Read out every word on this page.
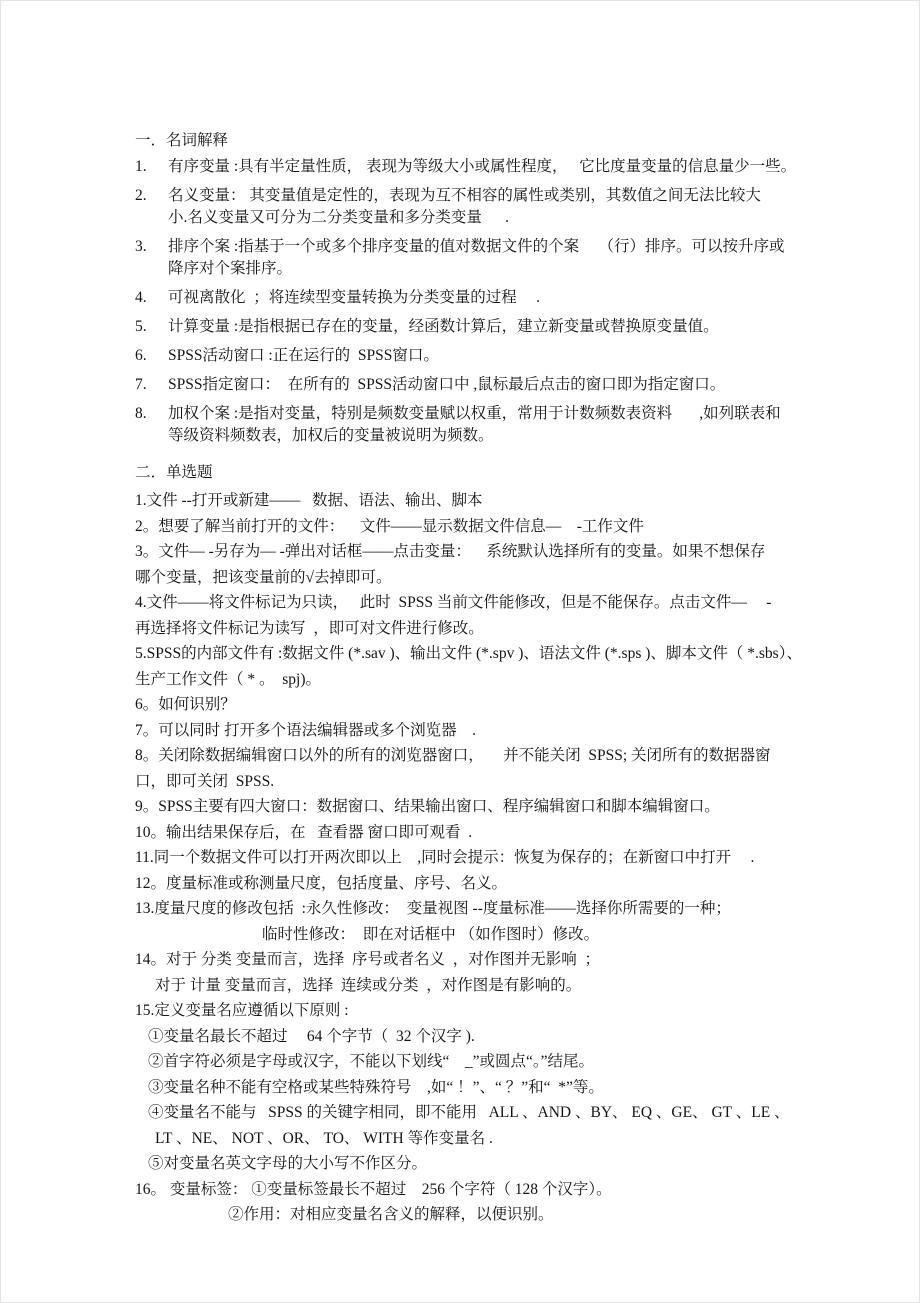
一．名词解释
1.	有序变量 :具有半定量性质， 表现为等级大小或属性程度，   它比度量变量的信息量少一些。
2.	名义变量： 其变量值是定性的，表现为互不相容的属性或类别，其数值之间无法比较大
小.名义变量又可分为二分类变量和多分类变量      .
3.	排序个案 :指基于一个或多个排序变量的值对数据文件的个案     （行）排序。可以按升序或
降序对个案排序。
4.	可视离散化  ；将连续型变量转换为分类变量的过程     .
5.	计算变量 :是指根据已存在的变量，经函数计算后，建立新变量或替换原变量值。
6.	SPSS活动窗口 :正在运行的  SPSS窗口。
7.	SPSS指定窗口：  在所有的  SPSS活动窗口中 ,鼠标最后点击的窗口即为指定窗口。
8.	加权个案 :是指对变量，特别是频数变量赋以权重，常用于计数频数表资料       ,如列联表和
等级资料频数表，加权后的变量被说明为频数。
二．单选题
1.文件 --打开或新建——   数据、语法、输出、脚本
2。想要了解当前打开的文件：    文件——显示数据文件信息—    -工作文件
3。文件— -另存为— -弹出对话框——点击变量：    系统默认选择所有的变量。如果不想保存
哪个变量，把该变量前的√去掉即可。
4.文件——将文件标记为只读，   此时  SPSS 当前文件能修改，但是不能保存。点击文件—     -
再选择将文件标记为读写  ，即可对文件进行修改。
5.SPSS的内部文件有 :数据文件 (*.sav )、输出文件 (*.spv )、语法文件 (*.sps )、脚本文件（ *.sbs）、
生产工作文件（ * 。  spj)。
6。如何识别？
7。可以同时 打开多个语法编辑器或多个浏览器    .
8。关闭除数据编辑窗口以外的所有的浏览器窗口，     并不能关闭  SPSS; 关闭所有的数据器窗
口，即可关闭  SPSS.
9。SPSS主要有四大窗口：数据窗口、结果输出窗口、程序编辑窗口和脚本编辑窗口。
10。输出结果保存后，在   查看器 窗口即可观看  .
11.同一个数据文件可以打开两次即以上    ,同时会提示：恢复为保存的；在新窗口中打开     .
12。度量标准或称测量尺度，包括度量、序号、名义。
13.度量尺度的修改包括  :永久性修改：  变量视图 --度量标准——选择你所需要的一种；
临时性修改：  即在对话框中 （如作图时）修改。
14。对于 分类 变量而言，选择  序号或者名义  ，对作图并无影响  ；
对于 计量 变量而言，选择  连续或分类  ，对作图是有影响的。
15.定义变量名应遵循以下原则 :
①变量名最长不超过     64 个字节（  32 个汉字 ).
②首字符必须是字母或汉字，不能以下划线“    _”或圆点“。”结尾。
③变量名种不能有空格或某些特殊符号    ,如“ ！”、“ ？”和“  *”等。
④变量名不能与   SPSS 的关键字相同，即不能用   ALL 、AND 、BY、 EQ 、GE、 GT 、LE 、
LT 、NE、 NOT 、OR、 TO、 WITH 等作变量名 .
⑤对变量名英文字母的大小写不作区分。
16。 变量标签： ①变量标签最长不超过    256 个字符（ 128 个汉字）。
②作用：对相应变量名含义的解释，以便识别。
